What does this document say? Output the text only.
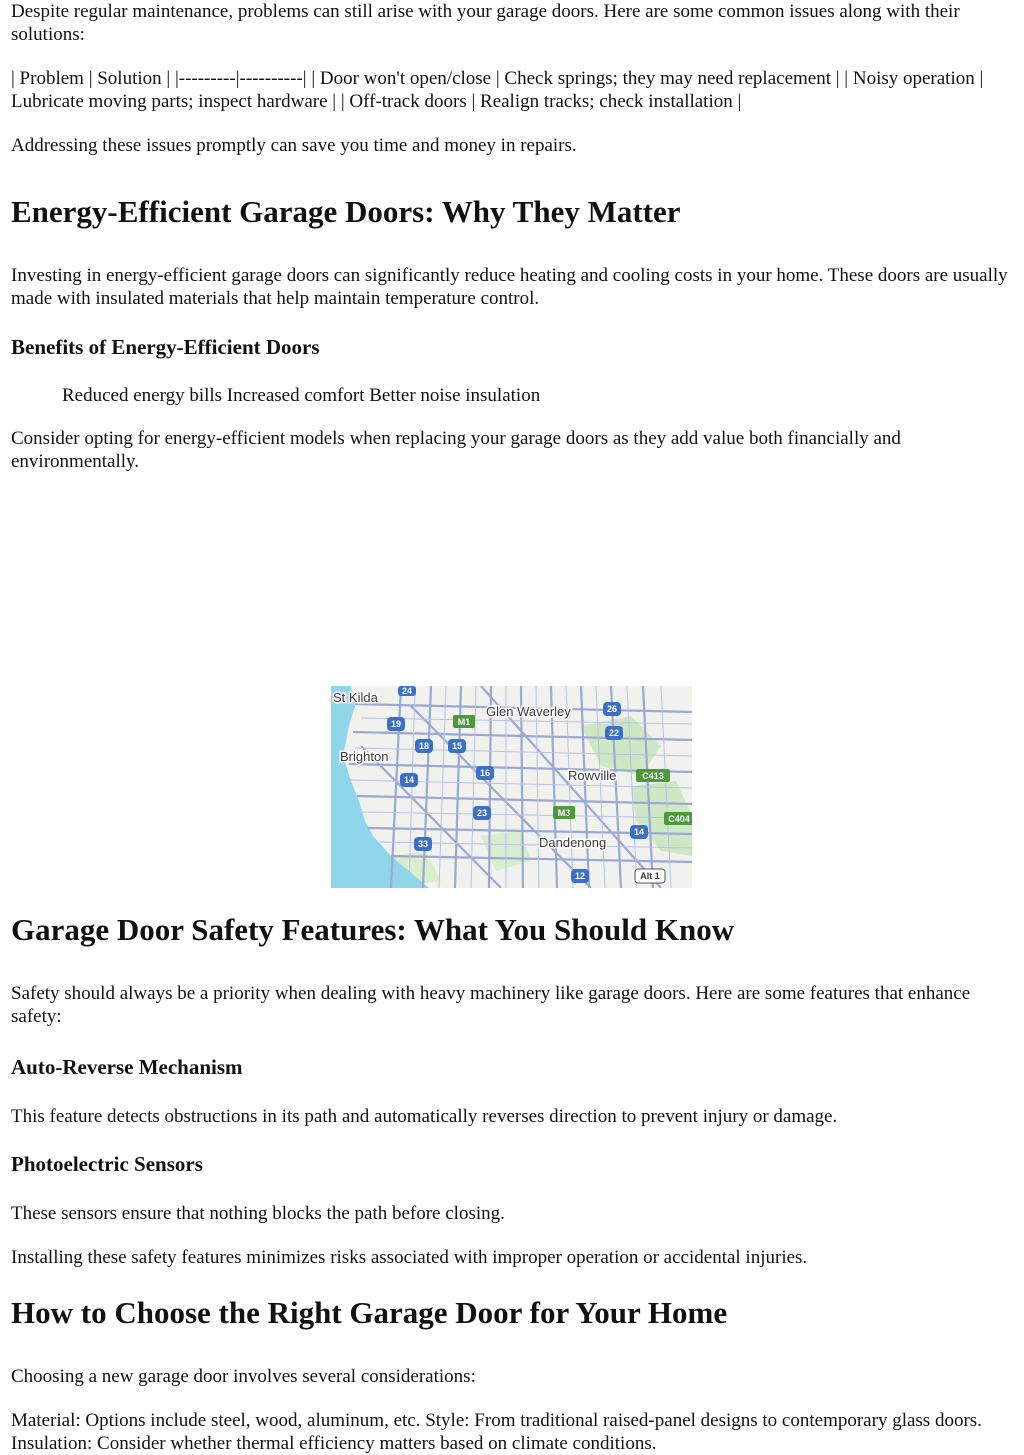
Despite regular maintenance, problems can still arise with your garage doors. Here are some common issues along with their solutions:

| Problem | Solution | |---------|----------| | Door won't open/close | Check springs; they may need replacement | | Noisy operation | Lubricate moving parts; inspect hardware | | Off-track doors | Realign tracks; check installation |

Addressing these issues promptly can save you time and money in repairs.

Energy-Efficient Garage Doors: Why They Matter

Investing in energy-efficient garage doors can significantly reduce heating and cooling costs in your home. These doors are usually made with insulated materials that help maintain temperature control.

Benefits of Energy-Efficient Doors

Reduced energy bills Increased comfort Better noise insulation

Consider opting for energy-efficient models when replacing your garage doors as they add value both financially and environmentally.

St Kilda
Glen Waverley
Brighton
Rowville
Dandenong
24
19	M1
26
22
18	15
14
16	C413
23	M3
C404
33
14
12	Alt 1
Garage Door Safety Features: What You Should Know

Safety should always be a priority when dealing with heavy machinery like garage doors. Here are some features that enhance safety:

Auto-Reverse Mechanism

This feature detects obstructions in its path and automatically reverses direction to prevent injury or damage.

Photoelectric Sensors

These sensors ensure that nothing blocks the path before closing.

Installing these safety features minimizes risks associated with improper operation or accidental injuries.

How to Choose the Right Garage Door for Your Home

Choosing a new garage door involves several considerations:

Material: Options include steel, wood, aluminum, etc. Style: From traditional raised-panel designs to contemporary glass doors. Insulation: Consider whether thermal efficiency matters based on climate conditions.
